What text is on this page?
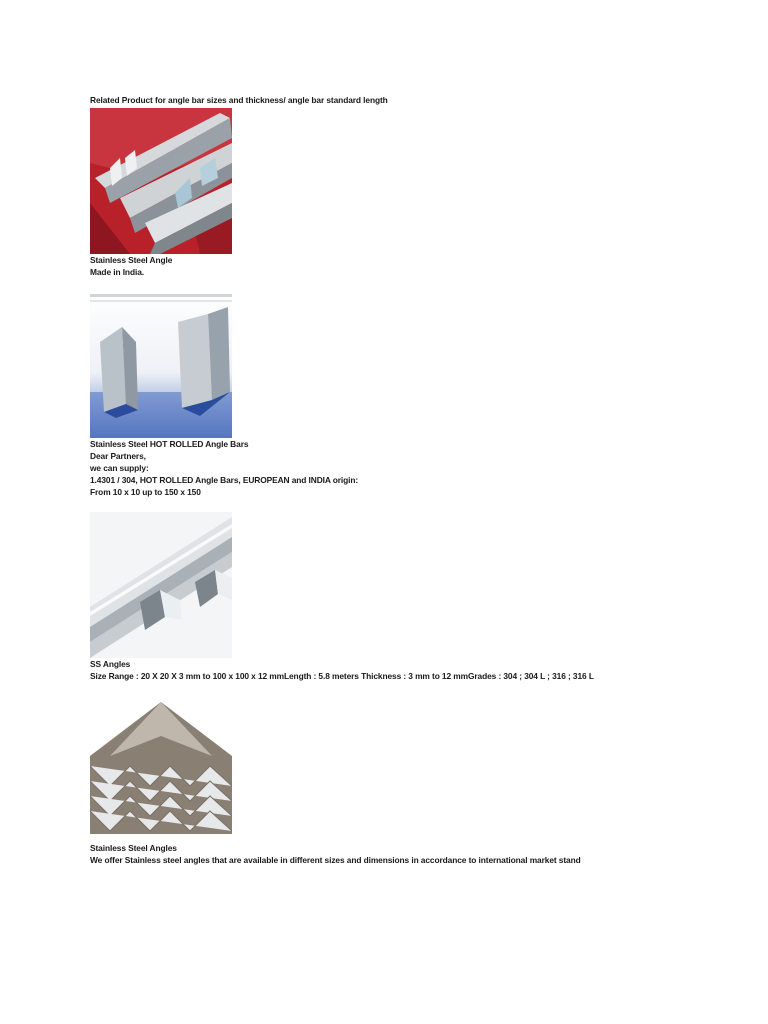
Related Product for angle bar sizes and thickness/ angle bar standard length
Stainless Steel Angle
Made in India.
Stainless Steel HOT ROLLED Angle Bars
Dear Partners,
we can supply:
1.4301 / 304, HOT ROLLED Angle Bars, EUROPEAN and INDIA origin:
From 10 x 10 up to 150 x 150
SS Angles
Size Range : 20 X 20 X 3 mm to 100 x 100 x 12 mmLength : 5.8 meters Thickness : 3 mm to 12 mmGrades : 304 ; 304 L ; 316 ; 316 L
Stainless Steel Angles
We offer Stainless steel angles that are available in different sizes and dimensions in accordance to international market stand
